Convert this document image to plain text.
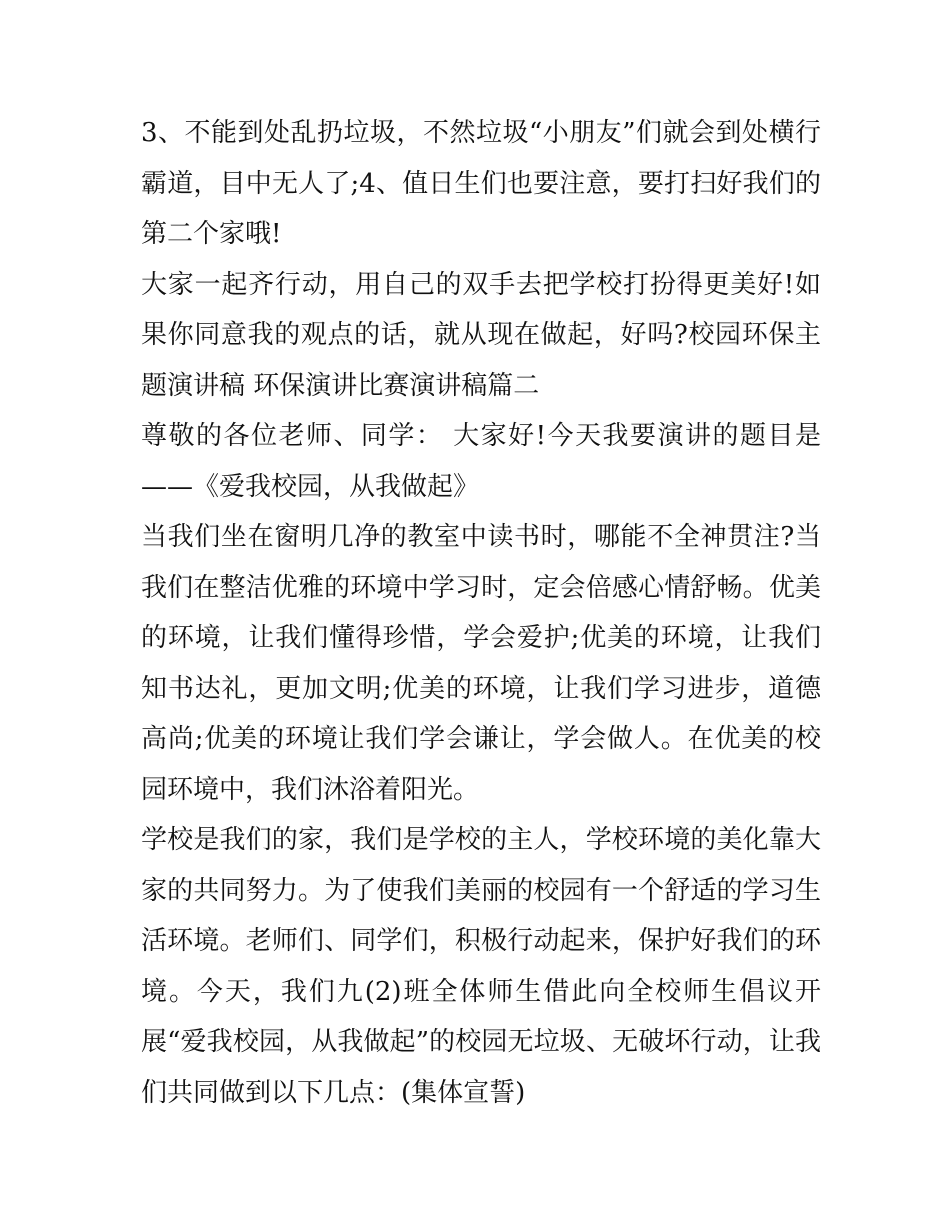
3、不能到处乱扔垃圾，不然垃圾“小朋友”们就会到处横行霸道，目中无人了;4、值日生们也要注意，要打扫好我们的第二个家哦!

大家一起齐行动，用自己的双手去把学校打扮得更美好!如果你同意我的观点的话，就从现在做起，好吗?校园环保主题演讲稿 环保演讲比赛演讲稿篇二

尊敬的各位老师、同学： 大家好!今天我要演讲的题目是——《爱我校园，从我做起》

当我们坐在窗明几净的教室中读书时，哪能不全神贯注?当我们在整洁优雅的环境中学习时，定会倍感心情舒畅。优美的环境，让我们懂得珍惜，学会爱护;优美的环境，让我们知书达礼，更加文明;优美的环境，让我们学习进步，道德高尚;优美的环境让我们学会谦让，学会做人。在优美的校园环境中，我们沐浴着阳光。

学校是我们的家，我们是学校的主人，学校环境的美化靠大家的共同努力。为了使我们美丽的校园有一个舒适的学习生活环境。老师们、同学们，积极行动起来，保护好我们的环境。今天，我们九(2)班全体师生借此向全校师生倡议开展“爱我校园，从我做起”的校园无垃圾、无破坏行动，让我们共同做到以下几点：(集体宣誓)
